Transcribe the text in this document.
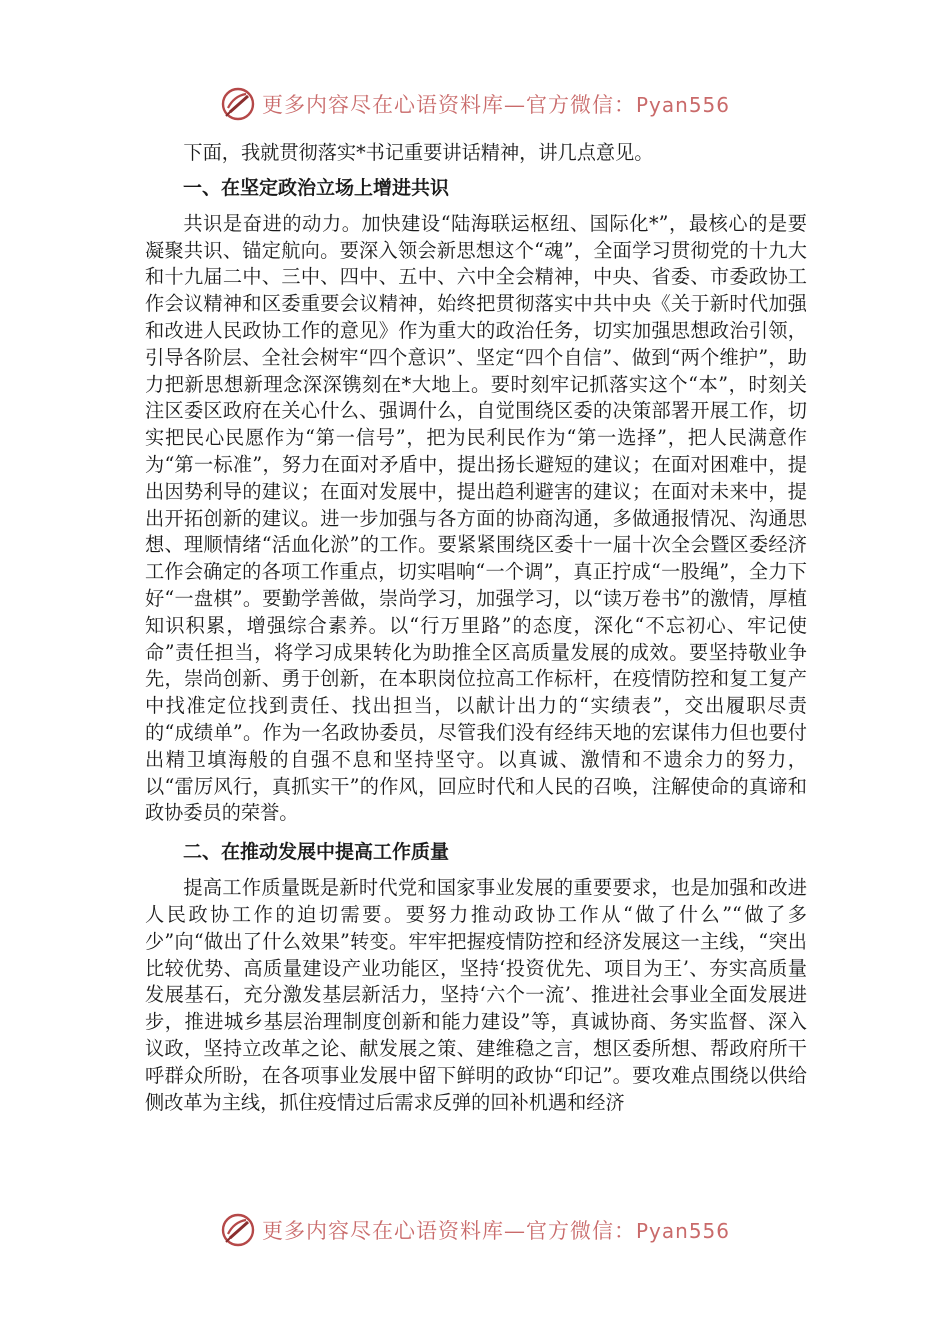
更多内容尽在心语资料库—官方微信：Pyan556

下面，我就贯彻落实*书记重要讲话精神，讲几点意见。

一、在坚定政治立场上增进共识

共识是奋进的动力。加快建设“陆海联运枢纽、国际化*”，最核心的是要凝聚共识、锚定航向。要深入领会新思想这个“魂”，全面学习贯彻党的十九大和十九届二中、三中、四中、五中、六中全会精神，中央、省委、市委政协工作会议精神和区委重要会议精神，始终把贯彻落实中共中央《关于新时代加强和改进人民政协工作的意见》作为重大的政治任务，切实加强思想政治引领，引导各阶层、全社会树牢“四个意识”、坚定“四个自信”、做到“两个维护”，助力把新思想新理念深深镌刻在*大地上。要时刻牢记抓落实这个“本”，时刻关注区委区政府在关心什么、强调什么，自觉围绕区委的决策部署开展工作，切实把民心民愿作为“第一信号”，把为民利民作为“第一选择”，把人民满意作为“第一标准”，努力在面对矛盾中，提出扬长避短的建议；在面对困难中，提出因势利导的建议；在面对发展中，提出趋利避害的建议；在面对未来中，提出开拓创新的建议。进一步加强与各方面的协商沟通，多做通报情况、沟通思想、理顺情绪“活血化淤”的工作。要紧紧围绕区委十一届十次全会暨区委经济工作会确定的各项工作重点，切实唱响“一个调”，真正拧成“一股绳”，全力下好“一盘棋”。要勤学善做，崇尚学习，加强学习，以“读万卷书”的激情，厚植知识积累，增强综合素养。以“行万里路”的态度，深化“不忘初心、牢记使命”责任担当，将学习成果转化为助推全区高质量发展的成效。要坚持敬业争先，崇尚创新、勇于创新，在本职岗位拉高工作标杆，在疫情防控和复工复产中找准定位找到责任、找出担当，以献计出力的“实绩表”，交出履职尽责的“成绩单”。作为一名政协委员，尽管我们没有经纬天地的宏谋伟力但也要付出精卫填海般的自强不息和坚持坚守。以真诚、激情和不遗余力的努力，以“雷厉风行，真抓实干”的作风，回应时代和人民的召唤，注解使命的真谛和政协委员的荣誉。

二、在推动发展中提高工作质量

提高工作质量既是新时代党和国家事业发展的重要要求，也是加强和改进人民政协工作的迫切需要。要努力推动政协工作从“做了什么”“做了多少”向“做出了什么效果”转变。牢牢把握疫情防控和经济发展这一主线，“突出比较优势、高质量建设产业功能区，坚持‘投资优先、项目为王’、夯实高质量发展基石，充分激发基层新活力，坚持‘六个一流’、推进社会事业全面发展进步，推进城乡基层治理制度创新和能力建设”等，真诚协商、务实监督、深入议政，坚持立改革之论、献发展之策、建维稳之言，想区委所想、帮政府所干呼群众所盼，在各项事业发展中留下鲜明的政协“印记”。要攻难点围绕以供给侧改革为主线，抓住疫情过后需求反弹的回补机遇和经济

更多内容尽在心语资料库—官方微信：Pyan556
